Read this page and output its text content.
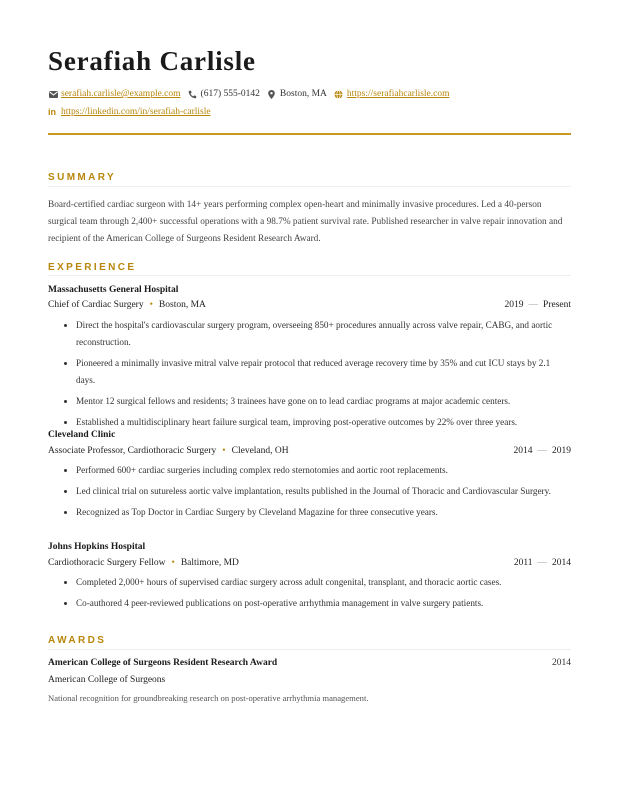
Serafiah Carlisle
serafiah.carlisle@example.com (617) 555-0142 Boston, MA https://serafiahcarlisle.com
in https://linkedin.com/in/serafiah-carlisle
SUMMARY
Board-certified cardiac surgeon with 14+ years performing complex open-heart and minimally invasive procedures. Led a 40-person surgical team through 2,400+ successful operations with a 98.7% patient survival rate. Published researcher in valve repair innovation and recipient of the American College of Surgeons Resident Research Award.
EXPERIENCE
Massachusetts General Hospital
Chief of Cardiac Surgery • Boston, MA	2019 — Present
Direct the hospital's cardiovascular surgery program, overseeing 850+ procedures annually across valve repair, CABG, and aortic reconstruction.
Pioneered a minimally invasive mitral valve repair protocol that reduced average recovery time by 35% and cut ICU stays by 2.1 days.
Mentor 12 surgical fellows and residents; 3 trainees have gone on to lead cardiac programs at major academic centers.
Established a multidisciplinary heart failure surgical team, improving post-operative outcomes by 22% over three years.
Cleveland Clinic
Associate Professor, Cardiothoracic Surgery • Cleveland, OH	2014 — 2019
Performed 600+ cardiac surgeries including complex redo sternotomies and aortic root replacements.
Led clinical trial on sutureless aortic valve implantation, results published in the Journal of Thoracic and Cardiovascular Surgery.
Recognized as Top Doctor in Cardiac Surgery by Cleveland Magazine for three consecutive years.
Johns Hopkins Hospital
Cardiothoracic Surgery Fellow • Baltimore, MD	2011 — 2014
Completed 2,000+ hours of supervised cardiac surgery across adult congenital, transplant, and thoracic aortic cases.
Co-authored 4 peer-reviewed publications on post-operative arrhythmia management in valve surgery patients.
AWARDS
American College of Surgeons Resident Research Award	2014
American College of Surgeons
National recognition for groundbreaking research on post-operative arrhythmia management.
